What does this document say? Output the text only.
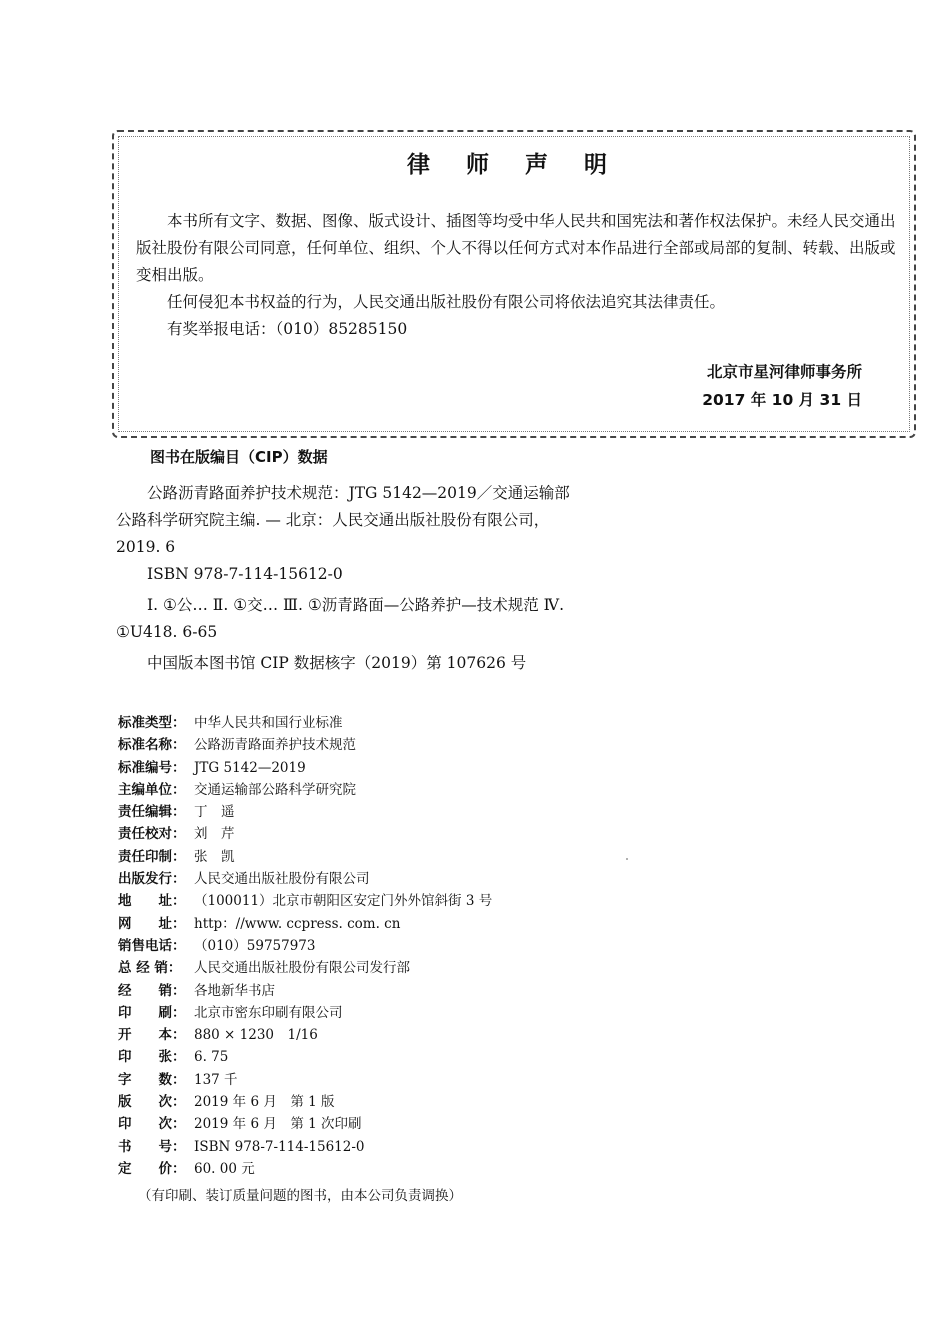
律 师 声 明

本书所有文字、数据、图像、版式设计、插图等均受中华人民共和国宪法和著作权法保护。未经人民交通出版社股份有限公司同意，任何单位、组织、个人不得以任何方式对本作品进行全部或局部的复制、转载、出版或变相出版。

任何侵犯本书权益的行为，人民交通出版社股份有限公司将依法追究其法律责任。

有奖举报电话：（010）85285150

北京市星河律师事务所
2017 年 10 月 31 日
图书在版编目（CIP）数据

公路沥青路面养护技术规范：JTG 5142—2019／交通运输部公路科学研究院主编. — 北京：人民交通出版社股份有限公司，2019. 6

ISBN 978-7-114-15612-0

Ⅰ. ①公… Ⅱ. ①交… Ⅲ. ①沥青路面—公路养护—技术规范 Ⅳ. ①U418. 6-65

中国版本图书馆 CIP 数据核字（2019）第 107626 号

标准类型： 中华人民共和国行业标准
标准名称： 公路沥青路面养护技术规范
标准编号： JTG 5142—2019
主编单位： 交通运输部公路科学研究院
责任编辑： 丁　遥
责任校对： 刘　芹
责任印制： 张　凯
出版发行： 人民交通出版社股份有限公司
地　　址： （100011）北京市朝阳区安定门外外馆斜街 3 号
网　　址： http：//www. ccpress. com. cn
销售电话： （010）59757973
总 经 销： 人民交通出版社股份有限公司发行部
经　　销： 各地新华书店
印　　刷： 北京市密东印刷有限公司
开　　本： 880 × 1230　1/16
印　　张： 6. 75
字　　数： 137 千
版　　次： 2019 年 6 月　第 1 版
印　　次： 2019 年 6 月　第 1 次印刷
书　　号： ISBN 978-7-114-15612-0
定　　价： 60. 00 元
（有印刷、装订质量问题的图书，由本公司负责调换）
